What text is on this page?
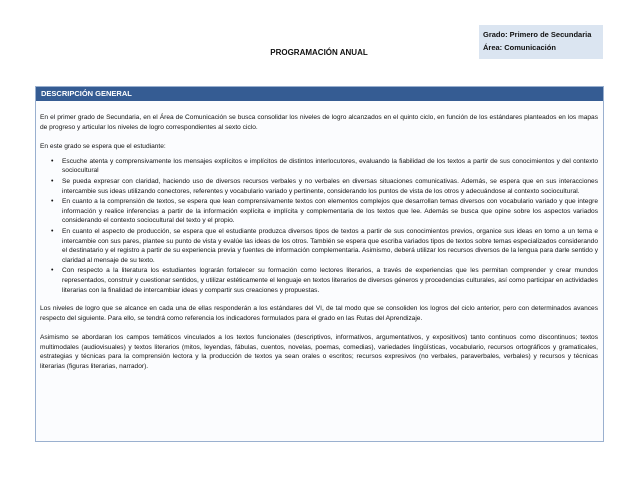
Grado: Primero de Secundaria
Área: Comunicación
PROGRAMACIÓN ANUAL
DESCRIPCIÓN GENERAL

En el primer grado de Secundaria, en el Área de Comunicación se busca consolidar los niveles de logro alcanzados en el quinto ciclo, en función de los estándares planteados en los mapas de progreso y articular los niveles de logro correspondientes al sexto ciclo.

En este grado se espera que el estudiante:

• Escuche atenta y comprensivamente los mensajes explícitos e implícitos de distintos interlocutores, evaluando la fiabilidad de los textos a partir de sus conocimientos y del contexto sociocultural
• Se pueda expresar con claridad, haciendo uso de diversos recursos verbales y no verbales en diversas situaciones comunicativas. Además, se espera que en sus interacciones intercambie sus ideas utilizando conectores, referentes y vocabulario variado y pertinente, considerando los puntos de vista de los otros y adecuándose al contexto sociocultural.
• En cuanto a la comprensión de textos, se espera que lean comprensivamente textos con elementos complejos que desarrollan temas diversos con vocabulario variado y que integre información y realice inferencias a partir de la información explícita e implícita y complementaria de los textos que lee. Además se busca que opine sobre los aspectos variados considerando el contexto sociocultural del texto y el propio.
• En cuanto el aspecto de producción, se espera que el estudiante produzca diversos tipos de textos a partir de sus conocimientos previos, organice sus ideas en torno a un tema e intercambie con sus pares, plantee su punto de vista y evalúe las ideas de los otros. También se espera que escriba variados tipos de textos sobre temas especializados considerando el destinatario y el registro a partir de su experiencia previa y fuentes de información complementaria. Asimismo, deberá utilizar los recursos diversos de la lengua para darle sentido y claridad al mensaje de su texto.
• Con respecto a la literatura los estudiantes lograrán fortalecer su formación como lectores literarios, a través de experiencias que les permitan comprender y crear mundos representados, construir y cuestionar sentidos, y utilizar estéticamente el lenguaje en textos literarios de diversos géneros y procedencias culturales, así como participar en actividades literarias con la finalidad de intercambiar ideas y compartir sus creaciones y propuestas.

Los niveles de logro que se alcance en cada una de ellas responderán a los estándares del VI, de tal modo que se consoliden los logros del ciclo anterior, pero con determinados avances respecto del siguiente. Para ello, se tendrá como referencia los indicadores formulados para el grado en las Rutas del Aprendizaje.

Asimismo se abordaran los campos temáticos vinculados a los textos funcionales (descriptivos, informativos, argumentativos, y expositivos) tanto continuos como discontinuos; textos multimodales (audiovisuales) y textos literarios (mitos, leyendas, fábulas, cuentos, novelas, poemas, comedias), variedades lingüísticas, vocabulario, recursos ortográficos y gramaticales, estrategias y técnicas para la comprensión lectora y la producción de textos ya sean orales o escritos; recursos expresivos (no verbales, paraverbales, verbales) y recursos y técnicas literarias (figuras literarias, narrador).
